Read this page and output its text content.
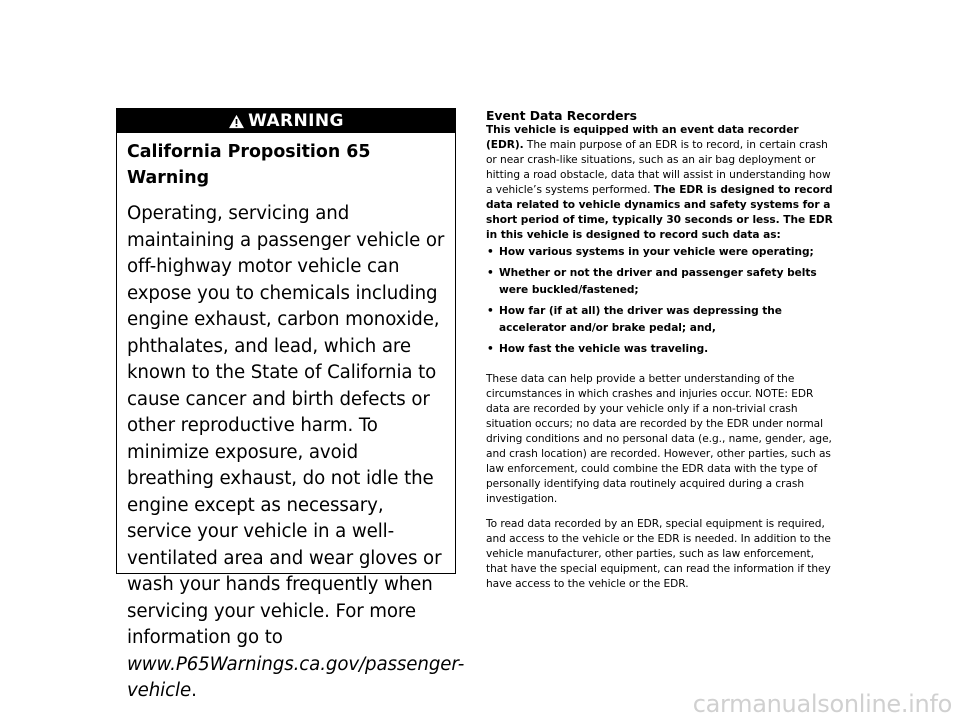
WARNING

California Proposition 65 Warning

Operating, servicing and maintaining a passenger vehicle or off-highway motor vehicle can expose you to chemicals including engine exhaust, carbon monoxide, phthalates, and lead, which are known to the State of California to cause cancer and birth defects or other reproductive harm. To minimize exposure, avoid breathing exhaust, do not idle the engine except as necessary, service your vehicle in a well-ventilated area and wear gloves or wash your hands frequently when servicing your vehicle. For more information go to www.P65Warnings.ca.gov/passenger-vehicle.

Event Data Recorders

This vehicle is equipped with an event data recorder (EDR). The main purpose of an EDR is to record, in certain crash or near crash-like situations, such as an air bag deployment or hitting a road obstacle, data that will assist in understanding how a vehicle’s systems performed. The EDR is designed to record data related to vehicle dynamics and safety systems for a short period of time, typically 30 seconds or less. The EDR in this vehicle is designed to record such data as:

• How various systems in your vehicle were operating;
• Whether or not the driver and passenger safety belts were buckled/fastened;
• How far (if at all) the driver was depressing the accelerator and/or brake pedal; and,
• How fast the vehicle was traveling.

These data can help provide a better understanding of the circumstances in which crashes and injuries occur. NOTE: EDR data are recorded by your vehicle only if a non-trivial crash situation occurs; no data are recorded by the EDR under normal driving conditions and no personal data (e.g., name, gender, age, and crash location) are recorded. However, other parties, such as law enforcement, could combine the EDR data with the type of personally identifying data routinely acquired during a crash investigation.

To read data recorded by an EDR, special equipment is required, and access to the vehicle or the EDR is needed. In addition to the vehicle manufacturer, other parties, such as law enforcement, that have the special equipment, can read the information if they have access to the vehicle or the EDR.

carmanualsonline.info
